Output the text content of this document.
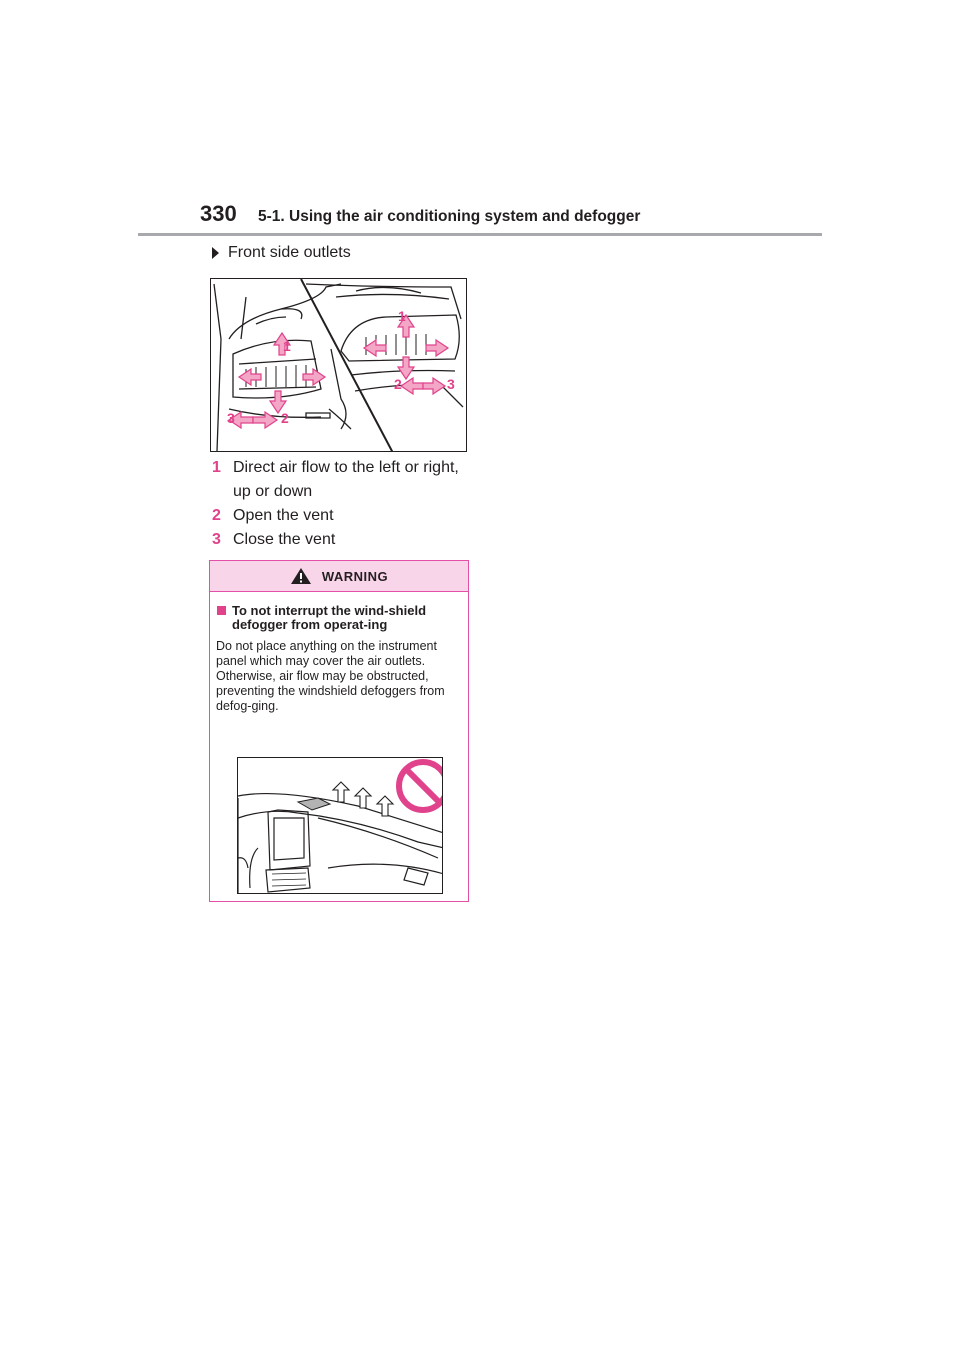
330 5-1. Using the air conditioning system and defogger
Front side outlets
1
1
2	3
2
3
1 Direct air flow to the left or right, up or down
2 Open the vent
3 Close the vent
WARNING
To not interrupt the wind-shield defogger from operat-ing
Do not place anything on the instrument panel which may cover the air outlets. Otherwise, air flow may be obstructed, preventing the windshield defoggers from defog-ging.
